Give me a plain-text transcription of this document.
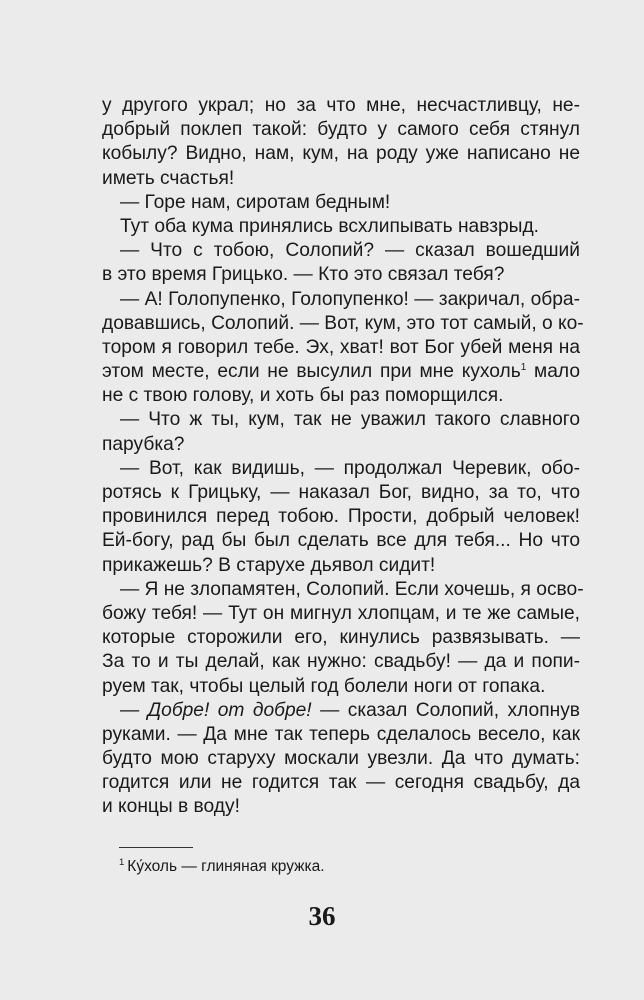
у другого украл; но за что мне, несчастливцу, не-
добрый поклеп такой: будто у самого себя стянул
кобылу? Видно, нам, кум, на роду уже написано не
иметь счастья!
— Горе нам, сиротам бедным!
Тут оба кума принялись всхлипывать навзрыд.
— Что с тобою, Солопий? — сказал вошедший
в это время Грицько. — Кто это связал тебя?
— А! Голопупенко, Голопупенко! — закричал, обра-
довавшись, Солопий. — Вот, кум, это тот самый, о ко-
тором я говорил тебе. Эх, хват! вот Бог убей меня на
этом месте, если не высулил при мне кухоль$^1$ мало
не с твою голову, и хоть бы раз поморщился.
— Что ж ты, кум, так не уважил такого славного
парубка?
— Вот, как видишь, — продолжал Черевик, обо-
ротясь к Грицьку, — наказал Бог, видно, за то, что
провинился перед тобою. Прости, добрый человек!
Ей-богу, рад бы был сделать все для тебя... Но что
прикажешь? В старухе дьявол сидит!
— Я не злопамятен, Солопий. Если хочешь, я осво-
божу тебя! — Тут он мигнул хлопцам, и те же самые,
которые сторожили его, кинулись развязывать. —
За то и ты делай, как нужно: свадьбу! — да и попи-
руем так, чтобы целый год болели ноги от гопака.
— Добре! от добре! — сказал Солопий, хлопнув
руками. — Да мне так теперь сделалось весело, как
будто мою старуху москали увезли. Да что думать:
годится или не годится так — сегодня свадьбу, да
и концы в воду!
$^1$ Ку́холь — глиняная кружка.
36
